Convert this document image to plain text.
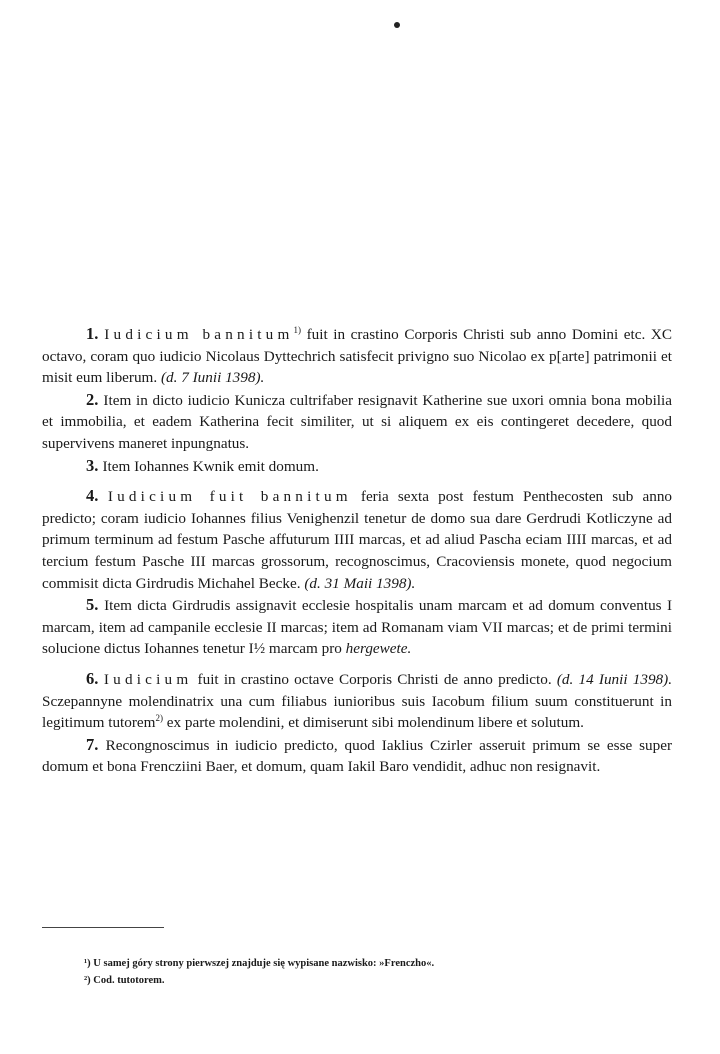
1. Iudicium bannitum$^{1)}$ fuit in crastino Corporis Christi sub anno Domini etc. XC octavo, coram quo iudicio Nicolaus Dyttechrich satisfecit privigno suo Nicolao ex p[arte] patrimonii et misit eum liberum. (d. 7 Iunii 1398).

2. Item in dicto iudicio Kunicza cultrifaber resignavit Katherine sue uxori omnia bona mobilia et immobilia, et eadem Katherina fecit similiter, ut si aliquem ex eis contingeret decedere, quod supervivens maneret inpungnatus.

3. Item Iohannes Kwnik emit domum.

4. Iudicium fuit bannitum feria sexta post festum Penthecosten sub anno predicto; coram iudicio Iohannes filius Venighenzil tenetur de domo sua dare Gerdrudi Kotliczyne ad primum terminum ad festum Pasche affuturum IIII marcas, et ad aliud Pascha eciam IIII marcas, et ad tercium festum Pasche III marcas grossorum, recognoscimus, Cracoviensis monete, quod negocium commisit dicta Girdrudis Michahel Becke. (d. 31 Maii 1398).

5. Item dicta Girdrudis assignavit ecclesie hospitalis unam marcam et ad domum conventus I marcam, item ad campanile ecclesie II marcas; item ad Romanam viam VII marcas; et de primi termini solucione dictus Iohannes tenetur I½ marcam pro hergewete.

6. Iudicium fuit in crastino octave Corporis Christi de anno predicto. (d. 14 Iunii 1398). Sczepannyne molendinatrix una cum filiabus iunioribus suis Iacobum filium suum constituerunt in legitimum tutorem$^{2)}$ ex parte molendini, et dimiserunt sibi molendinum libere et solutum.

7. Recongnoscimus in iudicio predicto, quod Iaklius Czirler asseruit primum se esse super domum et bona Frencziini Baer, et domum, quam Iakil Baro vendidit, adhuc non resignavit.

¹) U samej góry strony pierwszej znajduje się wypisane nazwisko: »Frenczho«.

²) Cod. tutotorem.
